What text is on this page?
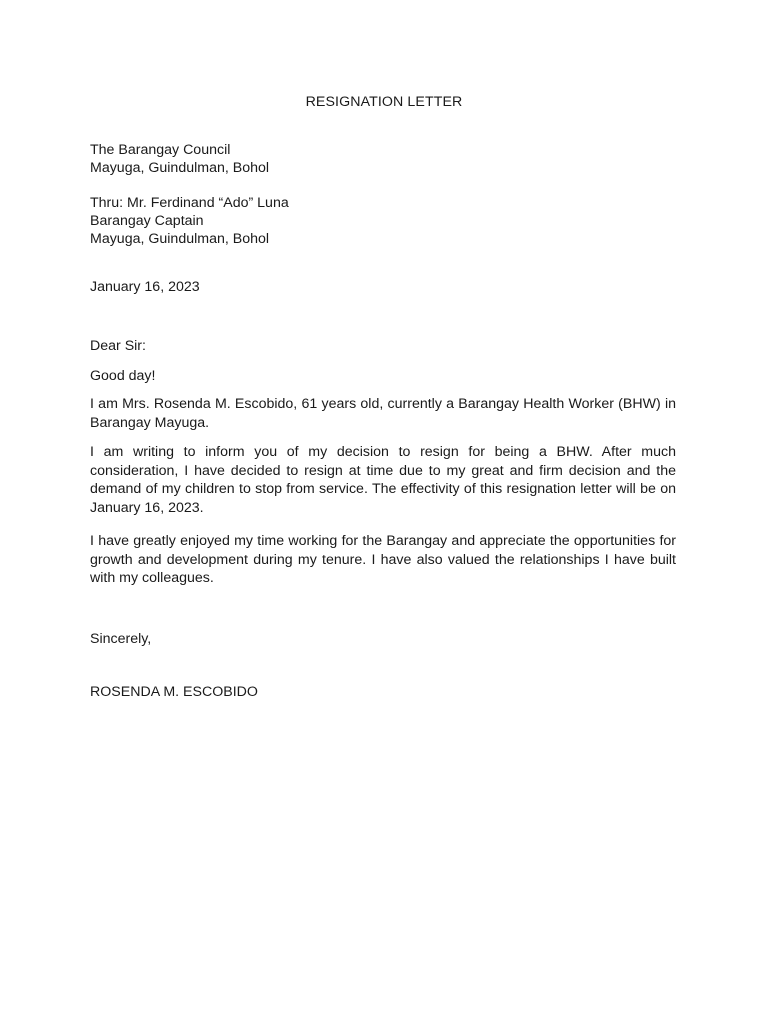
RESIGNATION LETTER
The Barangay Council
Mayuga, Guindulman, Bohol
Thru: Mr. Ferdinand “Ado” Luna
Barangay Captain
Mayuga, Guindulman, Bohol
January 16, 2023
Dear Sir:
Good day!
I am Mrs. Rosenda M. Escobido, 61 years old, currently a Barangay Health Worker (BHW) in Barangay Mayuga.
I am writing to inform you of my decision to resign for being a BHW. After much consideration, I have decided to resign at time due to my great and firm decision and the demand of my children to stop from service. The effectivity of this resignation letter will be on January 16, 2023.
I have greatly enjoyed my time working for the Barangay and appreciate the opportunities for growth and development during my tenure. I have also valued the relationships I have built with my colleagues.
Sincerely,
ROSENDA M. ESCOBIDO
